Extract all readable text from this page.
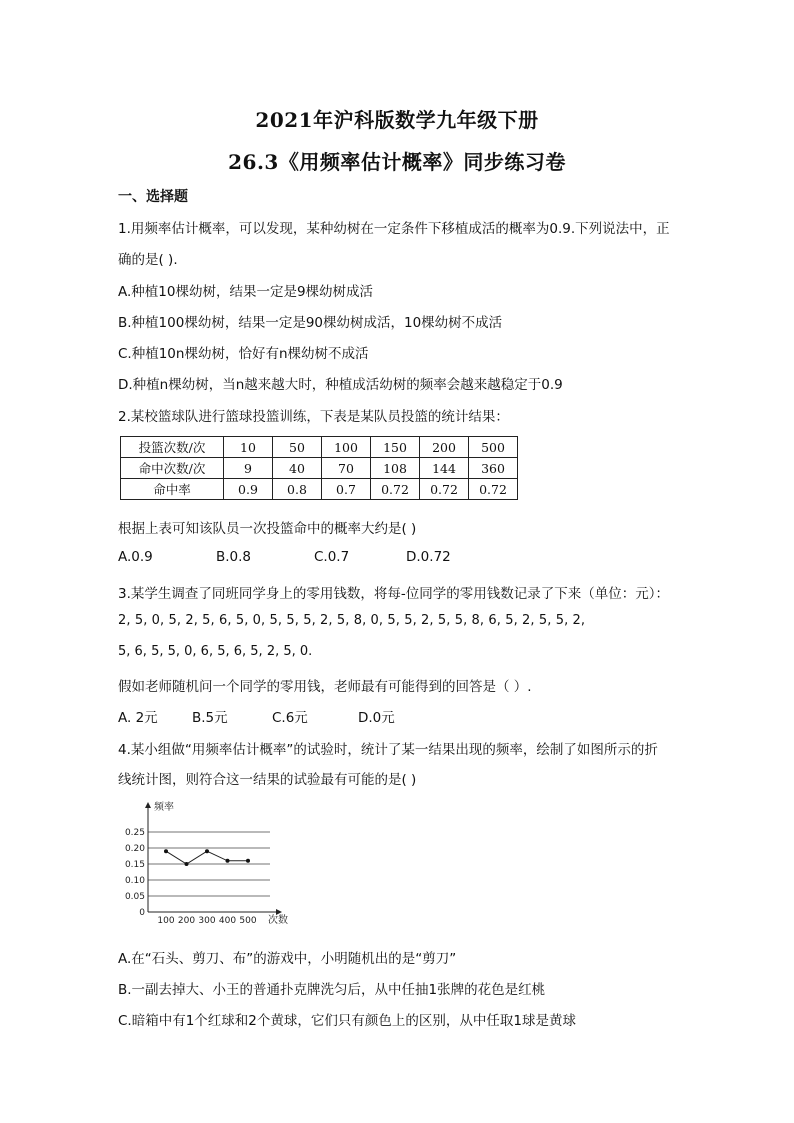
2021年沪科版数学九年级下册
26.3《用频率估计概率》同步练习卷
一、选择题
1.用频率估计概率，可以发现，某种幼树在一定条件下移植成活的概率为0.9.下列说法中，正
确的是( ).
A.种植10棵幼树，结果一定是9棵幼树成活
B.种植100棵幼树，结果一定是90棵幼树成活，10棵幼树不成活
C.种植10n棵幼树，恰好有n棵幼树不成活
D.种植n棵幼树，当n越来越大时，种植成活幼树的频率会越来越稳定于0.9
2.某校篮球队进行篮球投篮训练，下表是某队员投篮的统计结果：
投篮次数/次	10	50	100	150	200	500
命中次数/次	9	40	70	108	144	360
命中率	0.9	0.8	0.7	0.72	0.72	0.72
根据上表可知该队员一次投篮命中的概率大约是( )
A.0.9	B.0.8	C.0.7	D.0.72
3.某学生调查了同班同学身上的零用钱数，将每-位同学的零用钱数记录了下来（单位：元）：
2, 5, 0, 5, 2, 5, 6, 5, 0, 5, 5, 5, 2, 5, 8, 0, 5, 5, 2, 5, 5, 8, 6, 5, 2, 5, 5, 2,
5, 6, 5, 5, 0, 6, 5, 6, 5, 2, 5, 0.
假如老师随机问一个同学的零用钱，老师最有可能得到的回答是（ ）.
A. 2元	B.5元	C.6元	D.0元
4.某小组做“用频率估计概率”的试验时，统计了某一结果出现的频率，绘制了如图所示的折
线统计图，则符合这一结果的试验最有可能的是( )
0.25
0.20
0.15
0.10
0.05
0
100 200 300 400 500
频率
次数
A.在“石头、剪刀、布”的游戏中，小明随机出的是“剪刀”
B.一副去掉大、小王的普通扑克牌洗匀后，从中任抽1张牌的花色是红桃
C.暗箱中有1个红球和2个黄球，它们只有颜色上的区别，从中任取1球是黄球
